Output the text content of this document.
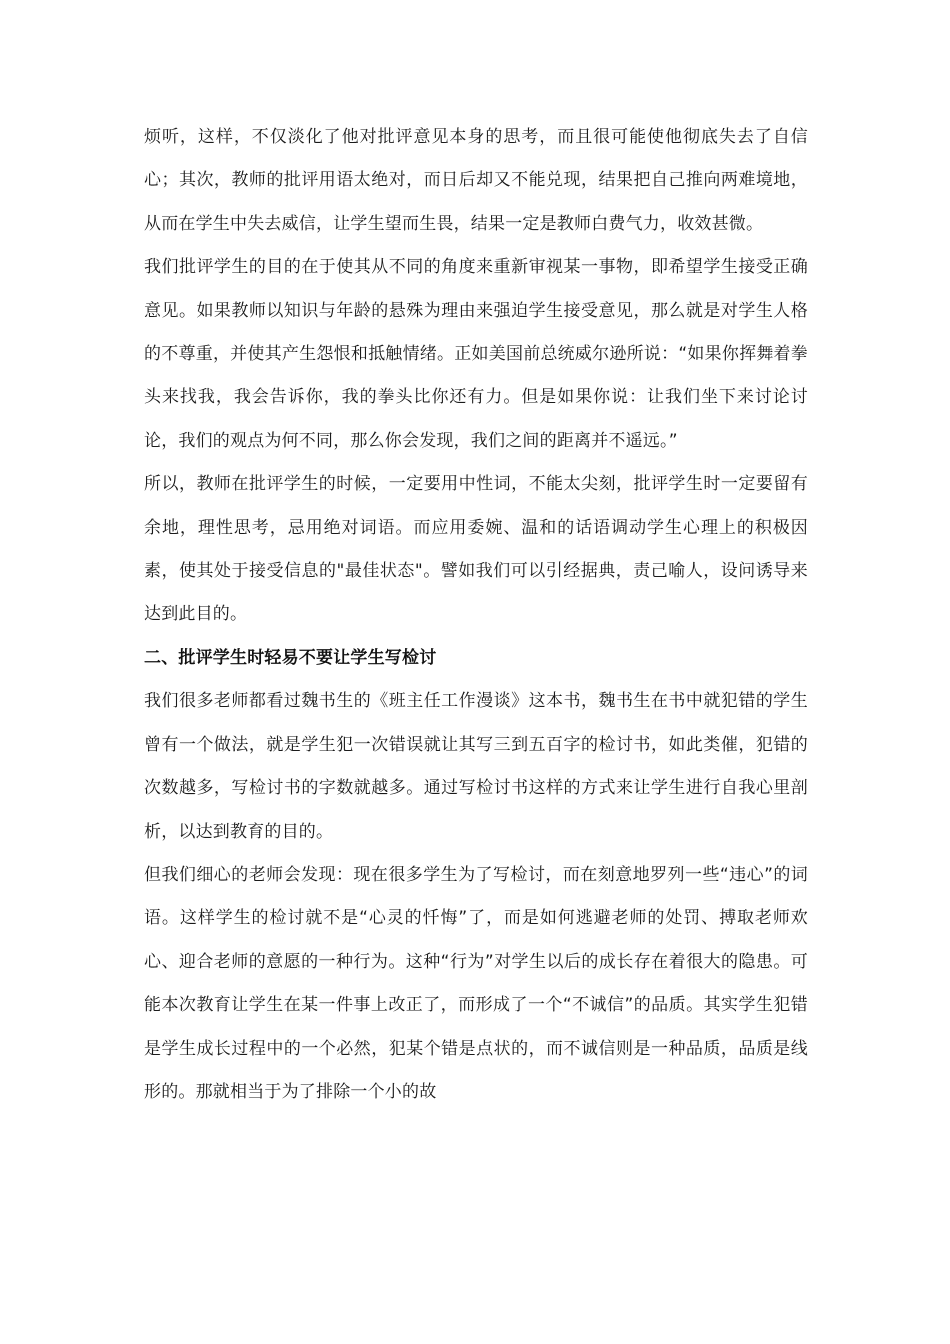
烦听，这样，不仅淡化了他对批评意见本身的思考，而且很可能使他彻底失去了自信心；其次，教师的批评用语太绝对，而日后却又不能兑现，结果把自己推向两难境地，从而在学生中失去威信，让学生望而生畏，结果一定是教师白费气力，收效甚微。

我们批评学生的目的在于使其从不同的角度来重新审视某一事物，即希望学生接受正确意见。如果教师以知识与年龄的悬殊为理由来强迫学生接受意见，那么就是对学生人格的不尊重，并使其产生怨恨和抵触情绪。正如美国前总统威尔逊所说：“如果你挥舞着拳头来找我，我会告诉你，我的拳头比你还有力。但是如果你说：让我们坐下来讨论讨论，我们的观点为何不同，那么你会发现，我们之间的距离并不遥远。”

所以，教师在批评学生的时候，一定要用中性词，不能太尖刻，批评学生时一定要留有余地，理性思考，忌用绝对词语。而应用委婉、温和的话语调动学生心理上的积极因素，使其处于接受信息的"最佳状态"。譬如我们可以引经据典，责己喻人，设问诱导来达到此目的。

二、批评学生时轻易不要让学生写检讨

我们很多老师都看过魏书生的《班主任工作漫谈》这本书，魏书生在书中就犯错的学生曾有一个做法，就是学生犯一次错误就让其写三到五百字的检讨书，如此类催，犯错的次数越多，写检讨书的字数就越多。通过写检讨书这样的方式来让学生进行自我心里剖析，以达到教育的目的。

但我们细心的老师会发现：现在很多学生为了写检讨，而在刻意地罗列一些“违心”的词语。这样学生的检讨就不是“心灵的忏悔”了，而是如何逃避老师的处罚、搏取老师欢心、迎合老师的意愿的一种行为。这种“行为”对学生以后的成长存在着很大的隐患。可能本次教育让学生在某一件事上改正了，而形成了一个“不诚信”的品质。其实学生犯错是学生成长过程中的一个必然，犯某个错是点状的，而不诚信则是一种品质，品质是线形的。那就相当于为了排除一个小的故
